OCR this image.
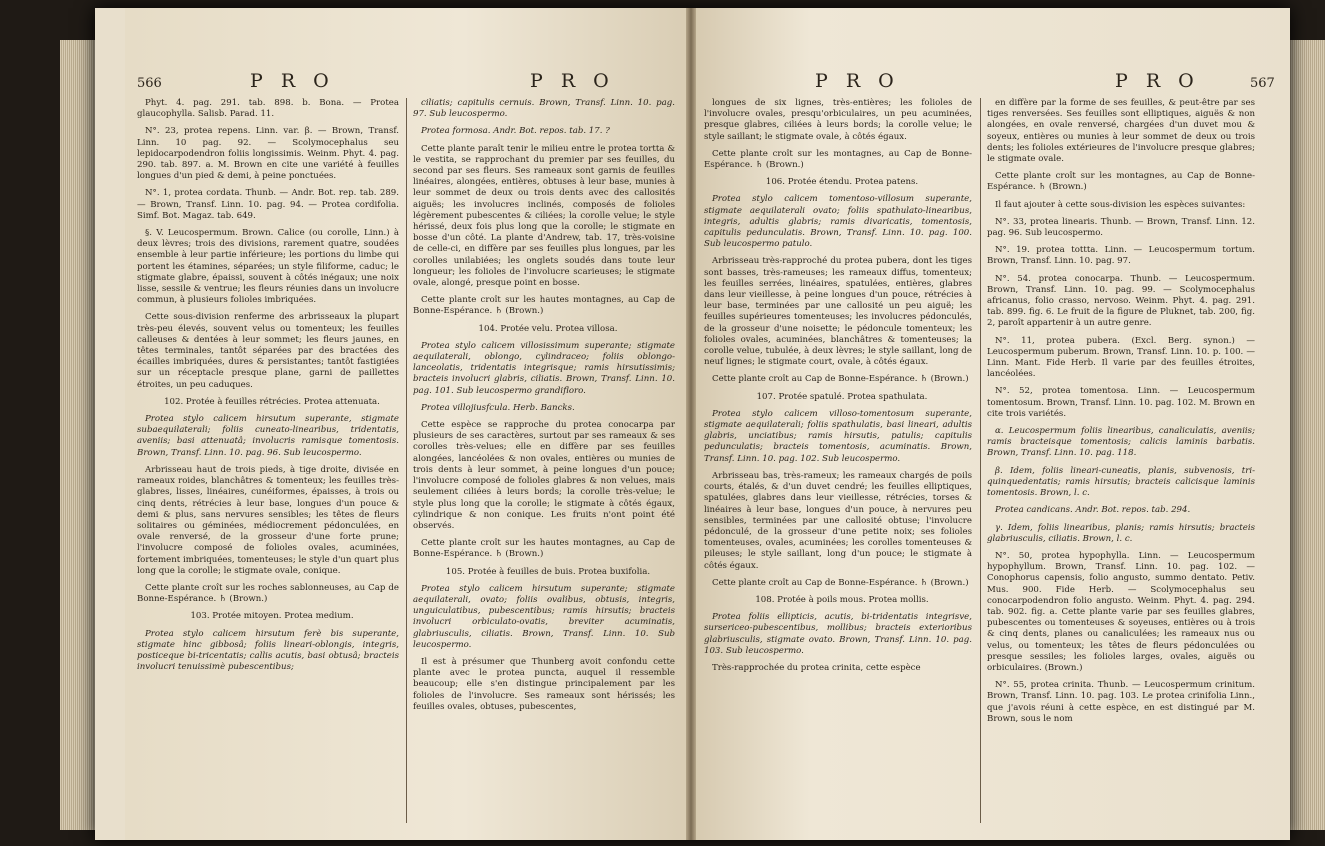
566	P R O	P R O

Phyt. 4. pag. 291. tab. 898. b. Bona. — Protea glaucophylla. Salisb. Parad. 11.

N°. 23, protea repens. Linn. var. β. — Brown, Transf. Linn. 10 pag. 92. — Scolymocephalus seu lepidocarpodendron foliis longissimis. Weinm. Phyt. 4. pag. 290. tab. 897. a. M. Brown en cite une variété à feuilles longues d'un pied & demi, à peine ponctuées.

N°. 1, protea cordata. Thunb. — Andr. Bot. rep. tab. 289. — Brown, Transf. Linn. 10. pag. 94. — Protea cordifolia. Simf. Bot. Magaz. tab. 649.

§. V. Leucospermum. Brown. Calice (ou corolle, Linn.) à deux lèvres; trois des divisions, rarement quatre, soudées ensemble à leur partie inférieure; les portions du limbe qui portent les étamines, séparées; un style filiforme, caduc; le stigmate glabre, épaissi, souvent à côtés inégaux; une noix lisse, sessile & ventrue; les fleurs réunies dans un involucre commun, à plusieurs folioles imbriquées.

Cette sous-division renferme des arbrisseaux la plupart très-peu élevés, souvent velus ou tomenteux; les feuilles calleuses & dentées à leur sommet; les fleurs jaunes, en têtes terminales, tantôt séparées par des bractées des écailles imbriquées, dures & persistantes; tantôt fastigiées sur un réceptacle presque plane, garni de paillettes étroites, un peu caduques.

102. Protée à feuilles rétrécies. Protea attenuata.

Protea stylo calicem hirsutum superante, stigmate subaequilaterali; foliis cuneato-linearibus, tridentatis, aveniis; basi attenuatâ; involucris ramisque tomentosis. Brown, Transf. Linn. 10. pag. 96. Sub leucospermo.

Arbrisseau haut de trois pieds, à tige droite, divisée en rameaux roides, blanchâtres & tomenteux; les feuilles très-glabres, lisses, linéaires, cunéiformes, épaisses, à trois ou cinq dents, rétrécies à leur base, longues d'un pouce & demi & plus, sans nervures sensibles; les têtes de fleurs solitaires ou géminées, médiocrement pédonculées, en ovale renversé, de la grosseur d'une forte prune; l'involucre composé de folioles ovales, acuminées, fortement imbriquées, tomenteuses; le style d'un quart plus long que la corolle; le stigmate ovale, conique.

Cette plante croît sur les roches sablonneuses, au Cap de Bonne-Espérance. ♄ (Brown.)

103. Protée mitoyen. Protea medium.

Protea stylo calicem hirsutum ferè bis superante, stigmate hinc gibbosâ; foliis lineari-oblongis, integris, posticeque bi-tricentatis; callis acutis, basi obtusâ; bracteis involucri tenuissimè pubescentibus;

ciliatis; capitulis cernuis. Brown, Transf. Linn. 10. pag. 97. Sub leucospermo.

Protea formosa. Andr. Bot. repos. tab. 17. ?

Cette plante paraît tenir le milieu entre le protea tortta & le vestita, se rapprochant du premier par ses feuilles, du second par ses fleurs. Ses rameaux sont garnis de feuilles linéaires, alongées, entières, obtuses à leur base, munies à leur sommet de deux ou trois dents avec des callosités aiguës; les involucres inclinés, composés de folioles légèrement pubescentes & ciliées; la corolle velue; le style hérissé, deux fois plus long que la corolle; le stigmate en bosse d'un côté. La plante d'Andrew, tab. 17, très-voisine de celle-ci, en diffère par ses feuilles plus longues, par les corolles unilabiées; les onglets soudés dans toute leur longueur; les folioles de l'involucre scarieuses; le stigmate ovale, alongé, presque point en bosse.

Cette plante croît sur les hautes montagnes, au Cap de Bonne-Espérance. ♄ (Brown.)

104. Protée velu. Protea villosa.

Protea stylo calicem villosissimum superante; stigmate aequilaterali, oblongo, cylindraceo; foliis oblongo-lanceolatis, tridentatis integrisque; ramis hirsutissimis; bracteis involucri glabris, ciliatis. Brown, Transf. Linn. 10. pag. 101. Sub leucospermo grandifloro.

Protea villojiusfcula. Herb. Bancks.

Cette espèce se rapproche du protea conocarpa par plusieurs de ses caractères, surtout par ses rameaux & ses corolles très-velues; elle en diffère par ses feuilles alongées, lancéolées & non ovales, entières ou munies de trois dents à leur sommet, à peine longues d'un pouce; l'involucre composé de folioles glabres & non velues, mais seulement ciliées à leurs bords; la corolle très-velue; le style plus long que la corolle; le stigmate à côtés égaux, cylindrique & non conique. Les fruits n'ont point été observés.

Cette plante croît sur les hautes montagnes, au Cap de Bonne-Espérance. ♄ (Brown.)

105. Protée à feuilles de buis. Protea buxifolia.

Protea stylo calicem hirsutum superante; stigmate aequilaterali, ovato; foliis ovalibus, obtusis, integris, unguiculatibus, pubescentibus; ramis hirsutis; bracteis involucri orbiculato-ovatis, breviter acuminatis, glabriusculis, ciliatis. Brown, Transf. Linn. 10. Sub leucospermo.

Il est à présumer que Thunberg avoit confondu cette plante avec le protea puncta, auquel il ressemble beaucoup; elle s'en distingue principalement par les folioles de l'involucre. Ses rameaux sont hérissés; les feuilles ovales, obtuses, pubescentes,

P R O	P R O	567

longues de six lignes, très-entières; les folioles de l'involucre ovales, presqu'orbiculaires, un peu acuminées, presque glabres, ciliées à leurs bords; la corolle velue; le style saillant; le stigmate ovale, à côtés égaux.

Cette plante croît sur les montagnes, au Cap de Bonne-Espérance. ♄ (Brown.)

106. Protée étendu. Protea patens.

Protea stylo calicem tomentoso-villosum superante, stigmate aequilaterali ovato; foliis spathulato-linearibus, integris, adultis glabris; ramis divaricatis, tomentosis, capitulis pedunculatis. Brown, Transf. Linn. 10. pag. 100. Sub leucospermo patulo.

Arbrisseau très-rapproché du protea pubera, dont les tiges sont basses, très-rameuses; les rameaux diffus, tomenteux; les feuilles serrées, linéaires, spatulées, entières, glabres dans leur vieillesse, à peine longues d'un pouce, rétrécies à leur base, terminées par une callosité un peu aiguë; les feuilles supérieures tomenteuses; les involucres pédonculés, de la grosseur d'une noisette; le pédoncule tomenteux; les folioles ovales, acuminées, blanchâtres & tomenteuses; la corolle velue, tubulée, à deux lèvres; le style saillant, long de neuf lignes; le stigmate court, ovale, à côtés égaux.

Cette plante croît au Cap de Bonne-Espérance. ♄ (Brown.)

107. Protée spatulé. Protea spathulata.

Protea stylo calicem villoso-tomentosum superante, stigmate aequilaterali; foliis spathulatis, basi lineari, adultis glabris, unciatibus; ramis hirsutis, patulis; capitulis pedunculatis; bracteis tomentosis, acuminatis. Brown, Transf. Linn. 10. pag. 102. Sub leucospermo.

Arbrisseau bas, très-rameux; les rameaux chargés de poils courts, étalés, & d'un duvet cendré; les feuilles elliptiques, spatulées, glabres dans leur vieillesse, rétrécies, torses & linéaires à leur base, longues d'un pouce, à nervures peu sensibles, terminées par une callosité obtuse; l'involucre pédonculé, de la grosseur d'une petite noix; ses folioles tomenteuses, ovales, acuminées; les corolles tomenteuses & pileuses; le style saillant, long d'un pouce; le stigmate à côtés égaux.

Cette plante croît au Cap de Bonne-Espérance. ♄ (Brown.)

108. Protée à poils mous. Protea mollis.

Protea foliis ellipticis, acutis, bi-tridentatis integrisve, sursericeo-pubescentibus, mollibus; bracteis exterioribus glabriusculis, stigmate ovato. Brown, Transf. Linn. 10. pag. 103. Sub leucospermo.

Très-rapprochée du protea crinita, cette espèce

en diffère par la forme de ses feuilles, & peut-être par ses tiges renversées. Ses feuilles sont elliptiques, aiguës & non alongées, en ovale renversé, chargées d'un duvet mou & soyeux, entières ou munies à leur sommet de deux ou trois dents; les folioles extérieures de l'involucre presque glabres; le stigmate ovale.

Cette plante croît sur les montagnes, au Cap de Bonne-Espérance. ♄ (Brown.)

Il faut ajouter à cette sous-division les espèces suivantes:

N°. 33, protea linearis. Thunb. — Brown, Transf. Linn. 12. pag. 96. Sub leucospermo.

N°. 19. protea tottta. Linn. — Leucospermum tortum. Brown, Transf. Linn. 10. pag. 97.

N°. 54. protea conocarpa. Thunb. — Leucospermum. Brown, Transf. Linn. 10. pag. 99. — Scolymocephalus africanus, folio crasso, nervoso. Weinm. Phyt. 4. pag. 291. tab. 899. fig. 6. Le fruit de la figure de Pluknet, tab. 200, fig. 2, paroît appartenir à un autre genre.

N°. 11, protea pubera. (Excl. Berg. synon.) — Leucospermum puberum. Brown, Transf. Linn. 10. p. 100. — Linn. Mant. Fide Herb. Il varie par des feuilles étroites, lancéolées.

N°. 52, protea tomentosa. Linn. — Leucospermum tomentosum. Brown, Transf. Linn. 10. pag. 102. M. Brown en cite trois variétés.

α. Leucospermum foliis linearibus, canaliculatis, aveniis; ramis bracteisque tomentosis; calicis laminis barbatis. Brown, Transf. Linn. 10. pag. 118.

β. Idem, foliis lineari-cuneatis, planis, subvenosis, tri-quinquedentatis; ramis hirsutis; bracteis calicisque laminis tomentosis. Brown, l. c.

Protea candicans. Andr. Bot. repos. tab. 294.

γ. Idem, foliis linearibus, planis; ramis hirsutis; bracteis glabriusculis, ciliatis. Brown, l. c.

N°. 50, protea hypophylla. Linn. — Leucospermum hypophyllum. Brown, Transf. Linn. 10. pag. 102. — Conophorus capensis, folio angusto, summo dentato. Petiv. Mus. 900. Fide Herb. — Scolymocephalus seu conocarpodendron folio angusto. Weinm. Phyt. 4. pag. 294. tab. 902. fig. a. Cette plante varie par ses feuilles glabres, pubescentes ou tomenteuses & soyeuses, entières ou à trois & cinq dents, planes ou canaliculées; les rameaux nus ou velus, ou tomenteux; les têtes de fleurs pédonculées ou presque sessiles; les folioles larges, ovales, aiguës ou orbiculaires. (Brown.)

N°. 55, protea crinita. Thunb. — Leucospermum crinitum. Brown, Transf. Linn. 10. pag. 103. Le protea crinifolia Linn., que j'avois réuni à cette espèce, en est distingué par M. Brown, sous le nom
